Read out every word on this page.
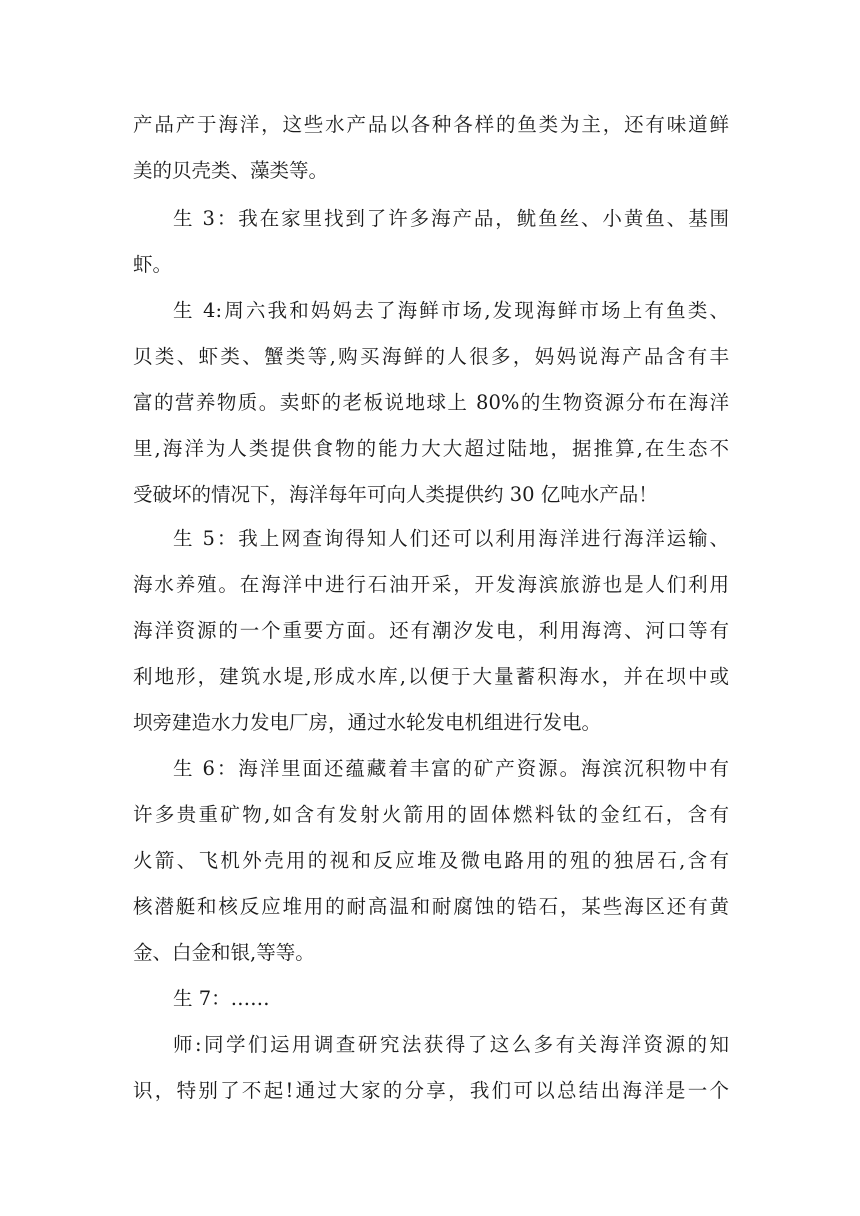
产品产于海洋，这些水产品以各种各样的鱼类为主，还有味道鲜
美的贝壳类、藻类等。
生 3：我在家里找到了许多海产品，鱿鱼丝、小黄鱼、基围
虾。
生 4:周六我和妈妈去了海鲜市场,发现海鲜市场上有鱼类、
贝类、虾类、蟹类等,购买海鲜的人很多，妈妈说海产品含有丰
富的营养物质。卖虾的老板说地球上 80%的生物资源分布在海洋
里,海洋为人类提供食物的能力大大超过陆地，据推算,在生态不
受破坏的情况下，海洋每年可向人类提供约 30 亿吨水产品！
生 5：我上网查询得知人们还可以利用海洋进行海洋运输、
海水养殖。在海洋中进行石油开采，开发海滨旅游也是人们利用
海洋资源的一个重要方面。还有潮汐发电，利用海湾、河口等有
利地形，建筑水堤,形成水库,以便于大量蓄积海水，并在坝中或
坝旁建造水力发电厂房，通过水轮发电机组进行发电。
生 6：海洋里面还蕴藏着丰富的矿产资源。海滨沉积物中有
许多贵重矿物,如含有发射火箭用的固体燃料钛的金红石，含有
火箭、飞机外壳用的视和反应堆及微电路用的殂的独居石,含有
核潜艇和核反应堆用的耐高温和耐腐蚀的锆石，某些海区还有黄
金、白金和银,等等。
生 7：……
师:同学们运用调查研究法获得了这么多有关海洋资源的知
识，特别了不起!通过大家的分享，我们可以总结出海洋是一个
